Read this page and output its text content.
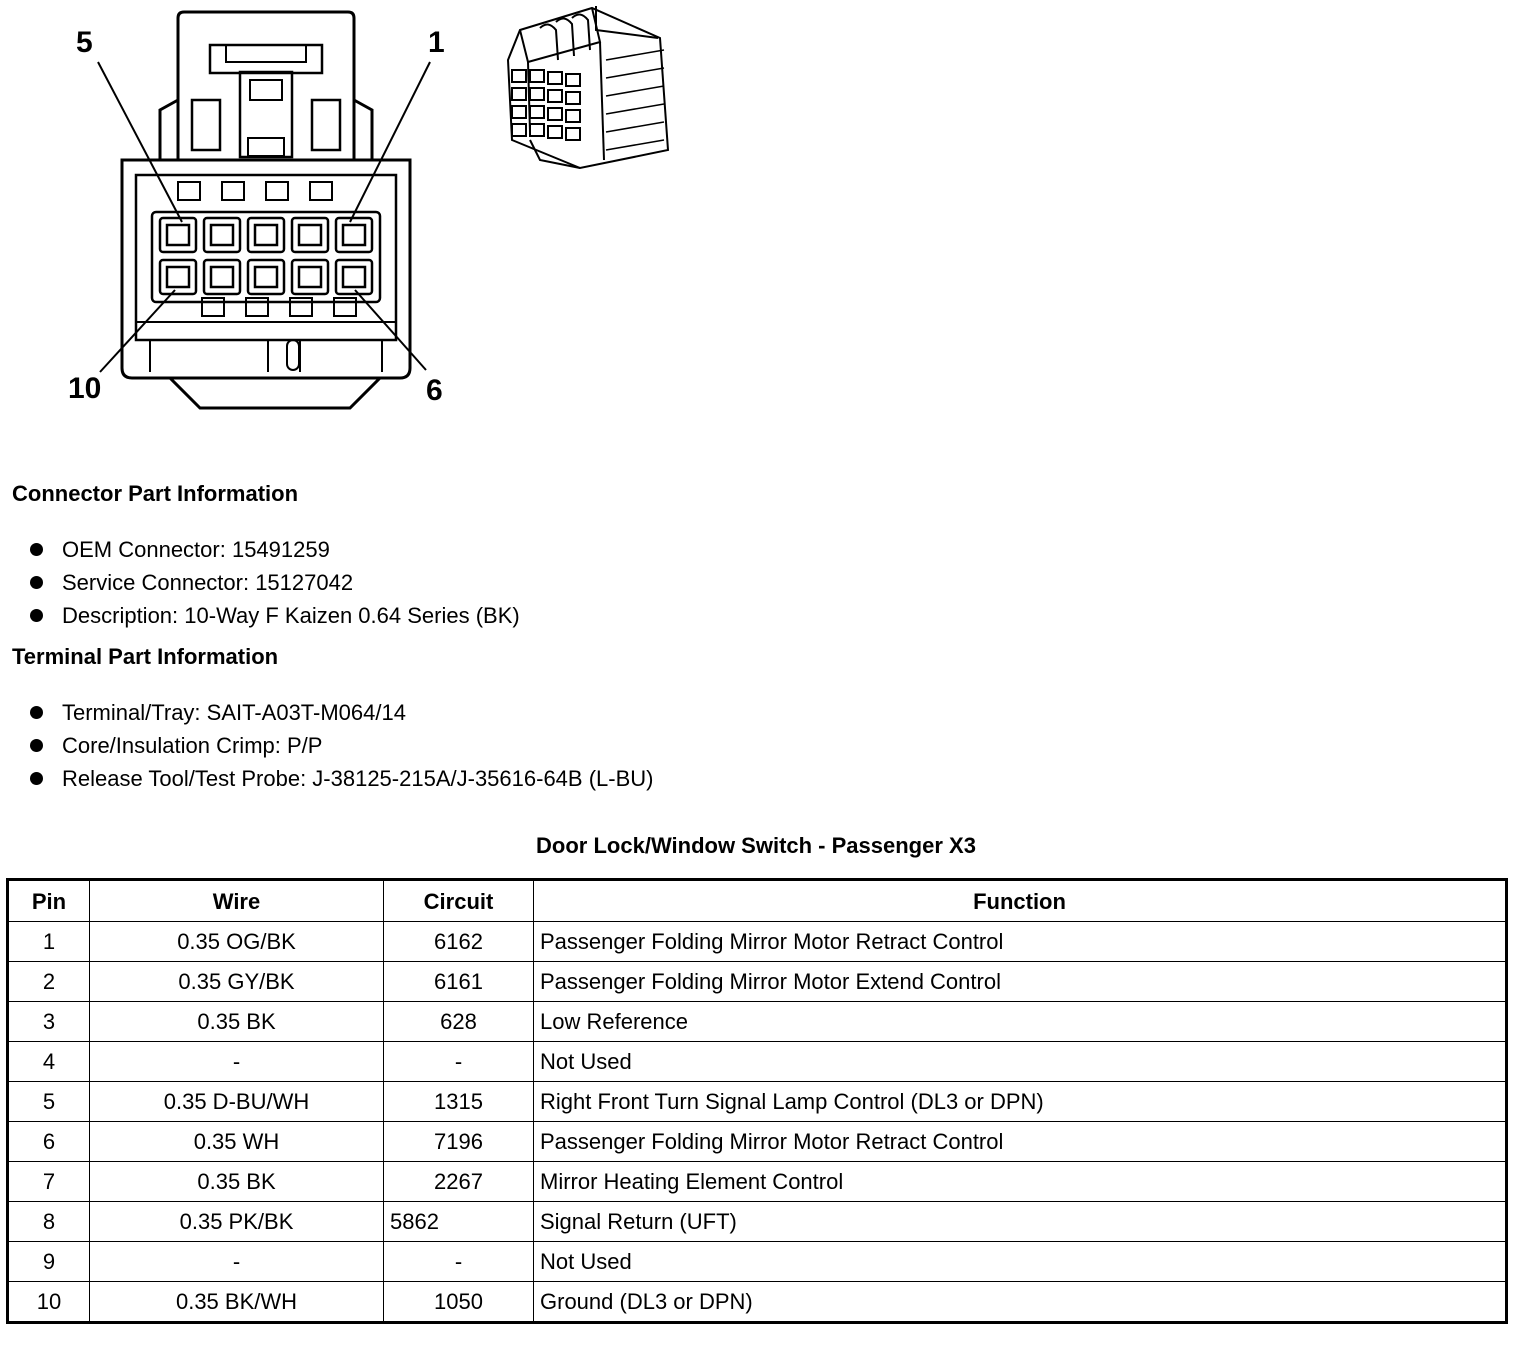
5	1
10	6
Connector Part Information
OEM Connector: 15491259
Service Connector: 15127042
Description: 10-Way F Kaizen 0.64 Series (BK)
Terminal Part Information
Terminal/Tray: SAIT-A03T-M064/14
Core/Insulation Crimp: P/P
Release Tool/Test Probe: J-38125-215A/J-35616-64B (L-BU)
Door Lock/Window Switch - Passenger X3
Pin	Wire	Circuit	Function
1	0.35 OG/BK	6162	Passenger Folding Mirror Motor Retract Control
2	0.35 GY/BK	6161	Passenger Folding Mirror Motor Extend Control
3	0.35 BK	628	Low Reference
4	-	-	Not Used
5	0.35 D-BU/WH	1315	Right Front Turn Signal Lamp Control (DL3 or DPN)
6	0.35 WH	7196	Passenger Folding Mirror Motor Retract Control
7	0.35 BK	2267	Mirror Heating Element Control
8	0.35 PK/BK	5862	Signal Return (UFT)
9	-	-	Not Used
10	0.35 BK/WH	1050	Ground (DL3 or DPN)
